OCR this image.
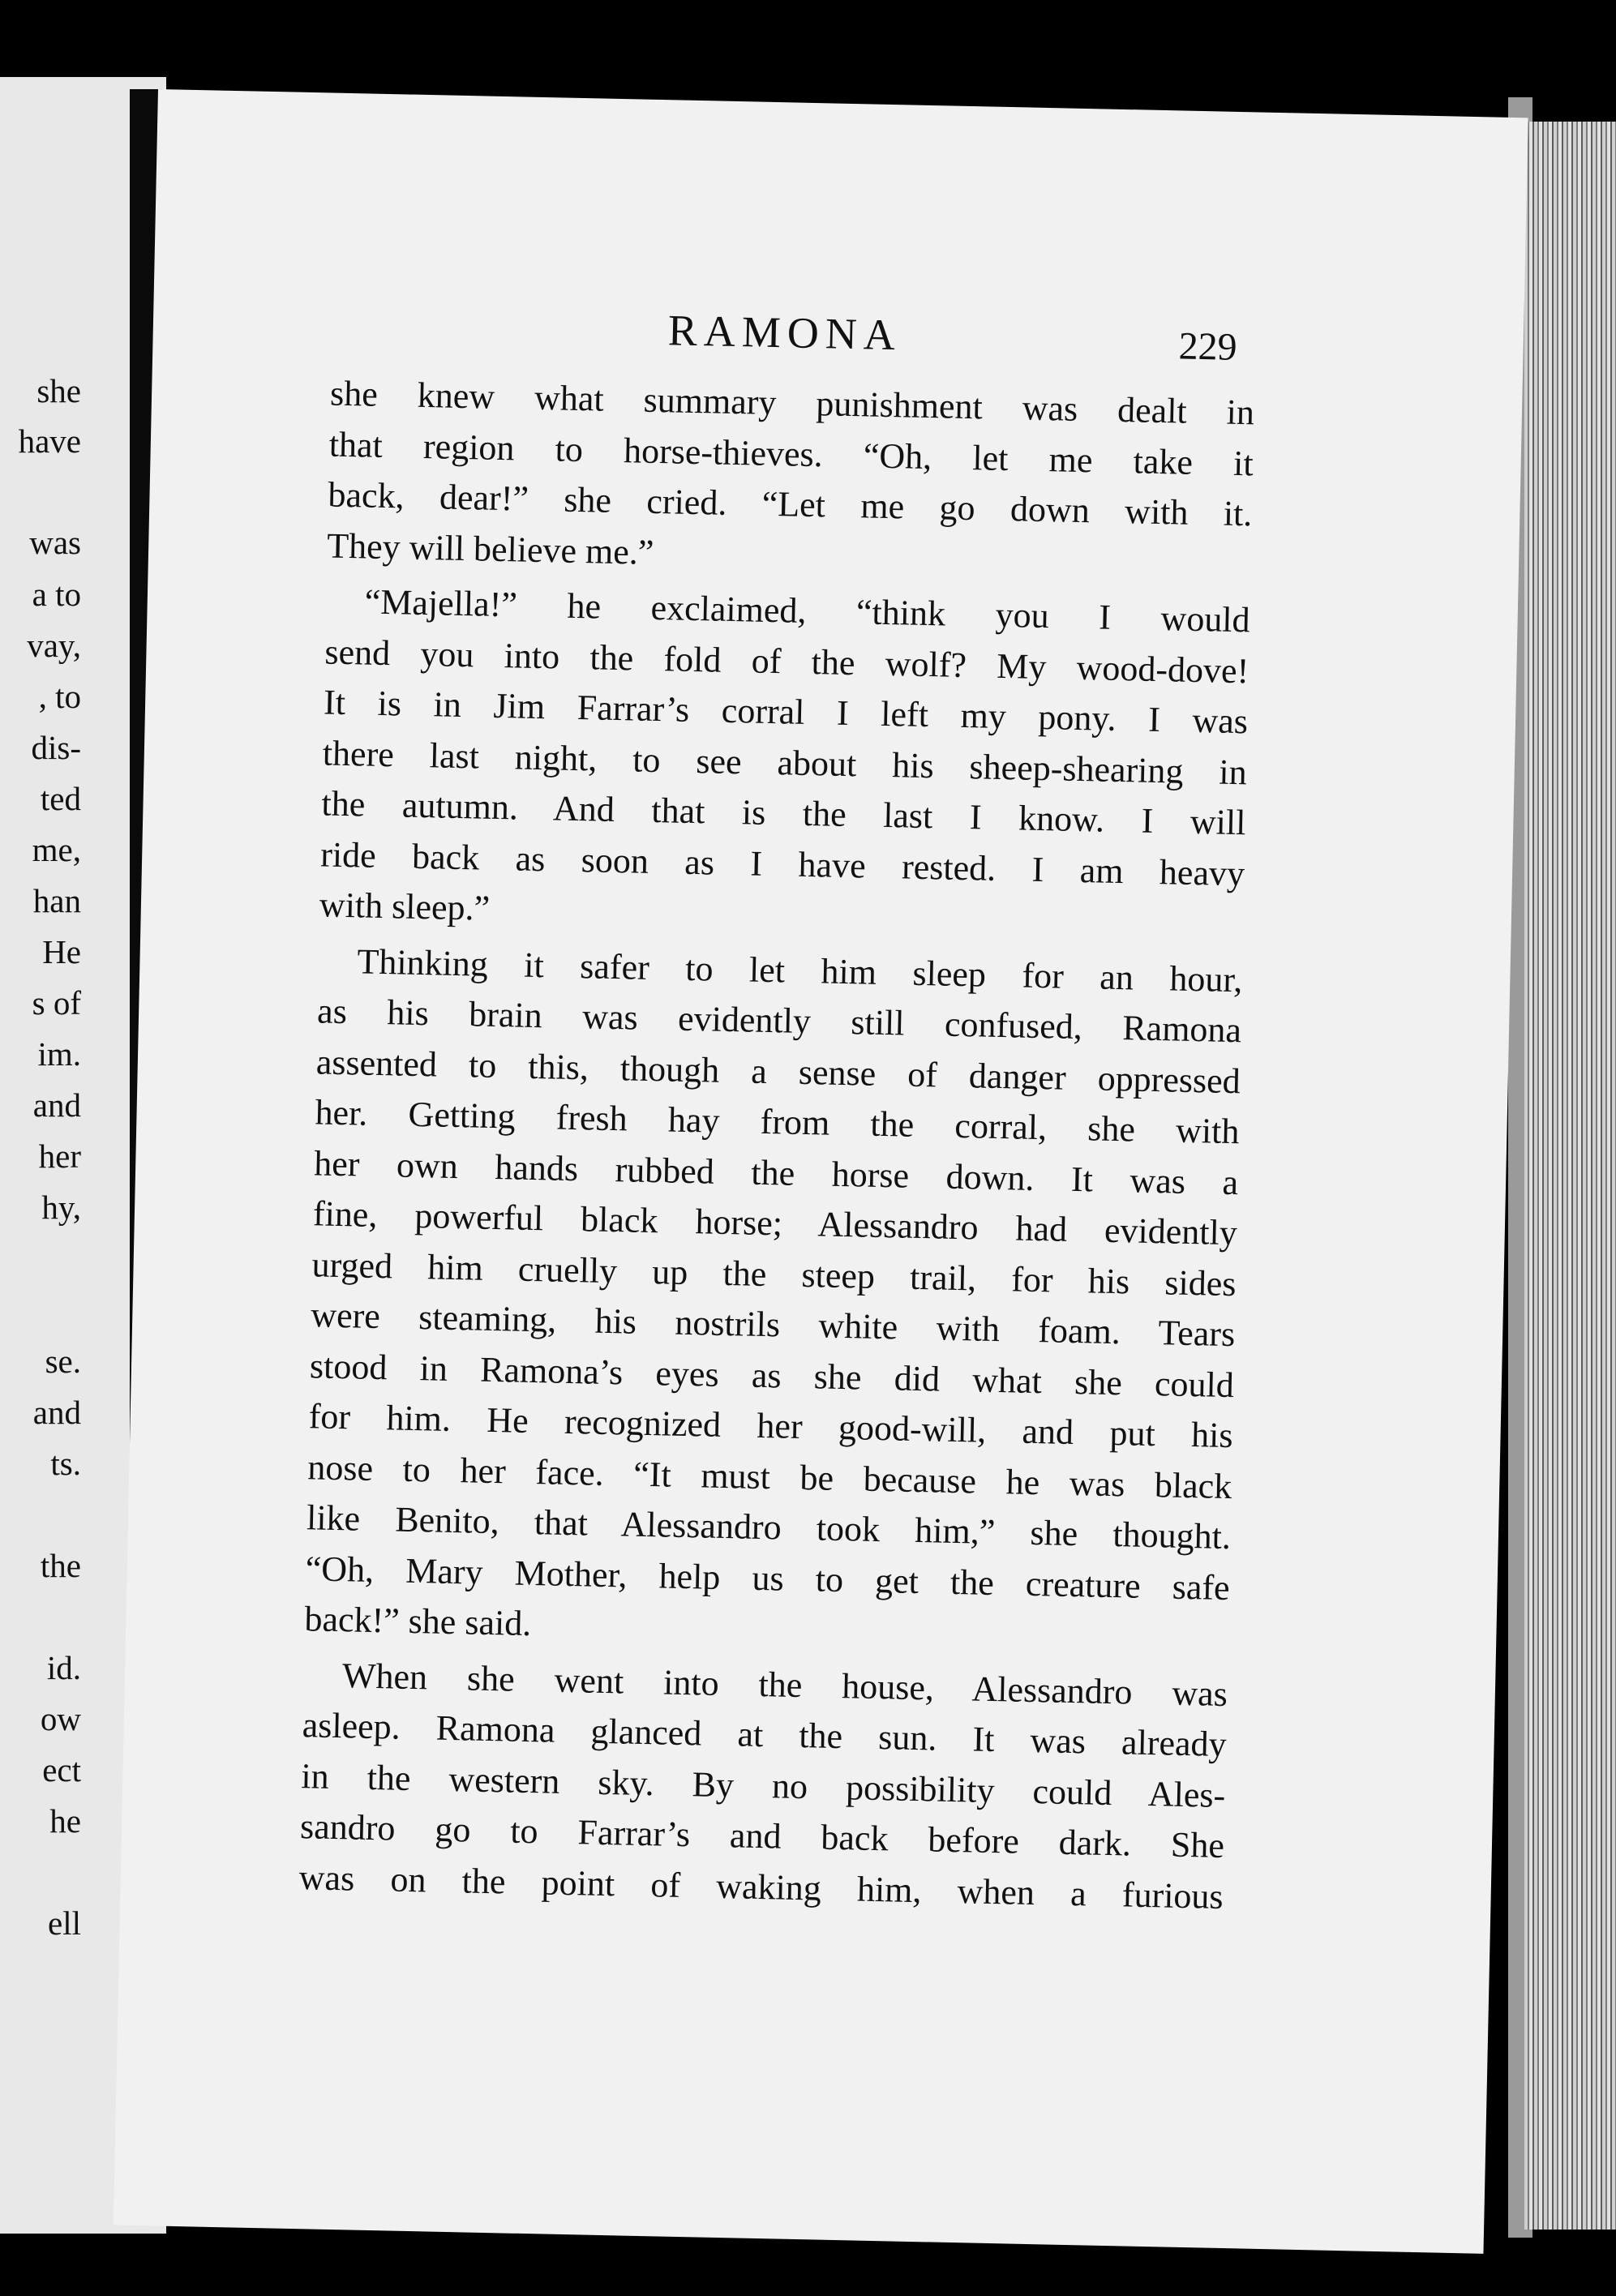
she
have
was
a to
vay,
, to
dis-
ted
me,
han
He
s of
im.
and
her
hy,
se.
and
ts.
the
id.
ow
ect
he
ell
RAMONA	229
she knew what summary punishment was dealt in
that region to horse-thieves. “Oh, let me take it
back, dear!” she cried. “Let me go down with it.
They will believe me.”
“Majella!” he exclaimed, “think you I would
send you into the fold of the wolf? My wood-dove!
It is in Jim Farrar’s corral I left my pony. I was
there last night, to see about his sheep-shearing in
the autumn. And that is the last I know. I will
ride back as soon as I have rested. I am heavy
with sleep.”
Thinking it safer to let him sleep for an hour,
as his brain was evidently still confused, Ramona
assented to this, though a sense of danger oppressed
her. Getting fresh hay from the corral, she with
her own hands rubbed the horse down. It was a
fine, powerful black horse; Alessandro had evidently
urged him cruelly up the steep trail, for his sides
were steaming, his nostrils white with foam. Tears
stood in Ramona’s eyes as she did what she could
for him. He recognized her good-will, and put his
nose to her face. “It must be because he was black
like Benito, that Alessandro took him,” she thought.
“Oh, Mary Mother, help us to get the creature safe
back!” she said.
When she went into the house, Alessandro was
asleep. Ramona glanced at the sun. It was already
in the western sky. By no possibility could Ales-
sandro go to Farrar’s and back before dark. She
was on the point of waking him, when a furious
